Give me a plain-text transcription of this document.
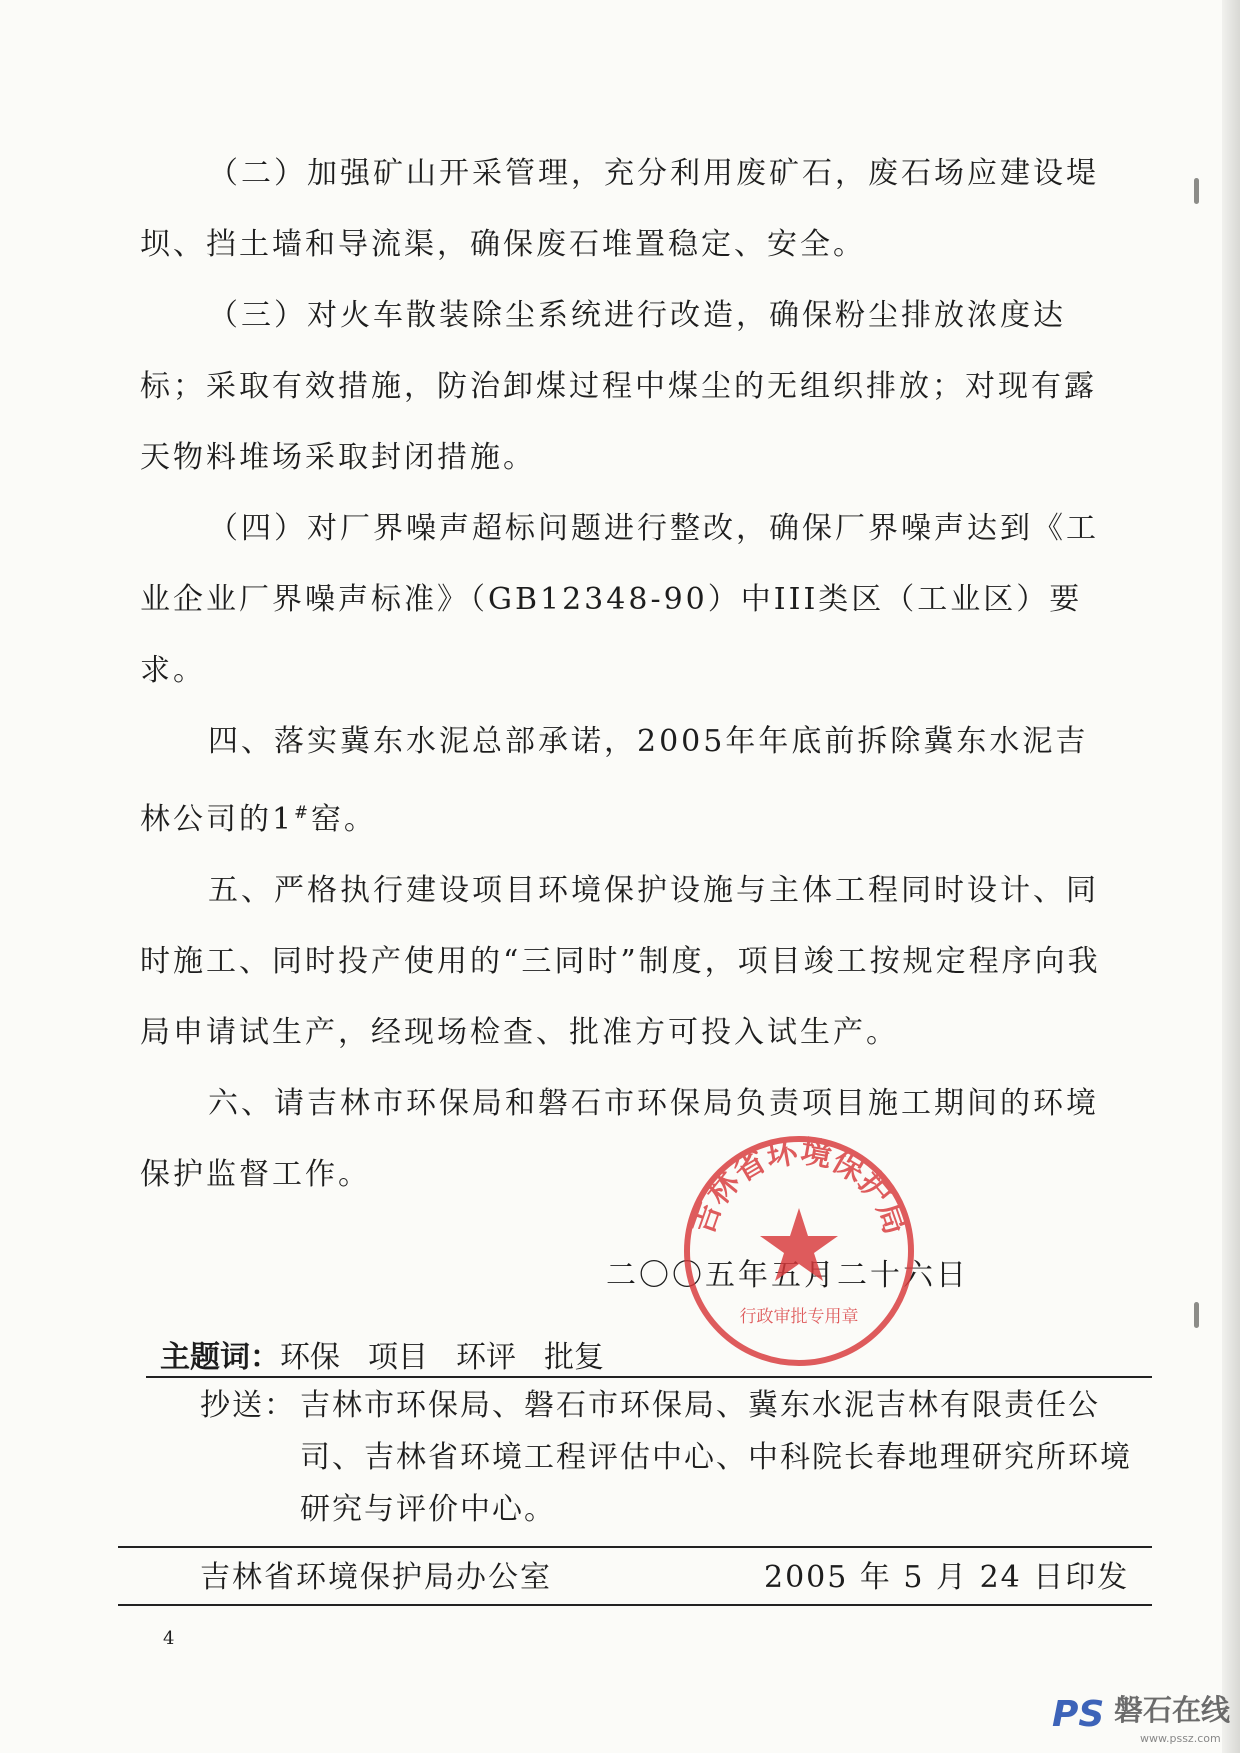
（二）加强矿山开采管理，充分利用废矿石，废石场应建设堤坝、挡土墙和导流渠，确保废石堆置稳定、安全。

（三）对火车散装除尘系统进行改造，确保粉尘排放浓度达标；采取有效措施，防治卸煤过程中煤尘的无组织排放；对现有露天物料堆场采取封闭措施。

（四）对厂界噪声超标问题进行整改，确保厂界噪声达到《工业企业厂界噪声标准》（GB12348-90）中III类区（工业区）要求。

四、落实冀东水泥总部承诺，2005年年底前拆除冀东水泥吉林公司的1#窑。

五、严格执行建设项目环境保护设施与主体工程同时设计、同时施工、同时投产使用的“三同时”制度，项目竣工按规定程序向我局申请试生产，经现场检查、批准方可投入试生产。

六、请吉林市环保局和磐石市环保局负责项目施工期间的环境保护监督工作。

二〇〇五年五月二十六日
吉林省环境保护局
行政审批专用章
主题词：环保 项目 环评 批复
抄送： 吉林市环保局、磐石市环保局、冀东水泥吉林有限责任公司、吉林省环境工程评估中心、中科院长春地理研究所环境研究与评价中心。
吉林省环境保护局办公室	2005 年 5 月 24 日印发
4
PS 磐石在线
www.pssz.com
